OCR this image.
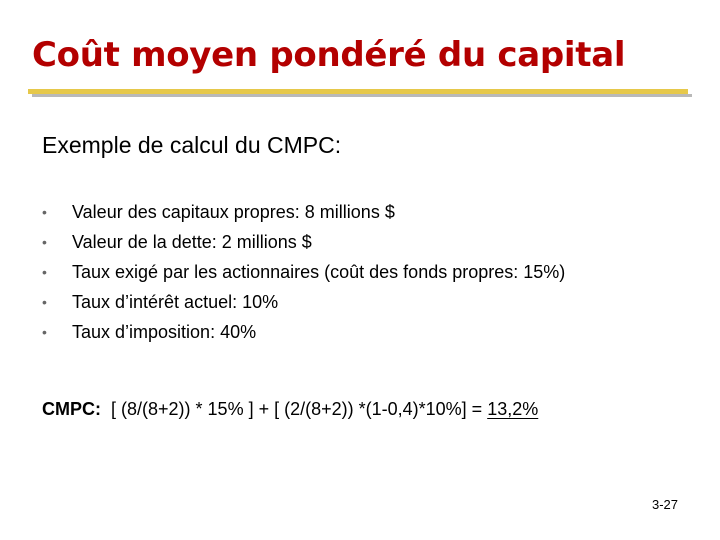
Coût moyen pondéré du capital

Exemple de calcul du CMPC:

• Valeur des capitaux propres: 8 millions $
• Valeur de la dette: 2 millions $
• Taux exigé par les actionnaires (coût des fonds propres: 15%)
• Taux d’intérêt actuel: 10%
• Taux d’imposition: 40%

CMPC: [ (8/(8+2)) * 15% ] + [ (2/(8+2)) *(1-0,4)*10%] = 13,2%

3-27
